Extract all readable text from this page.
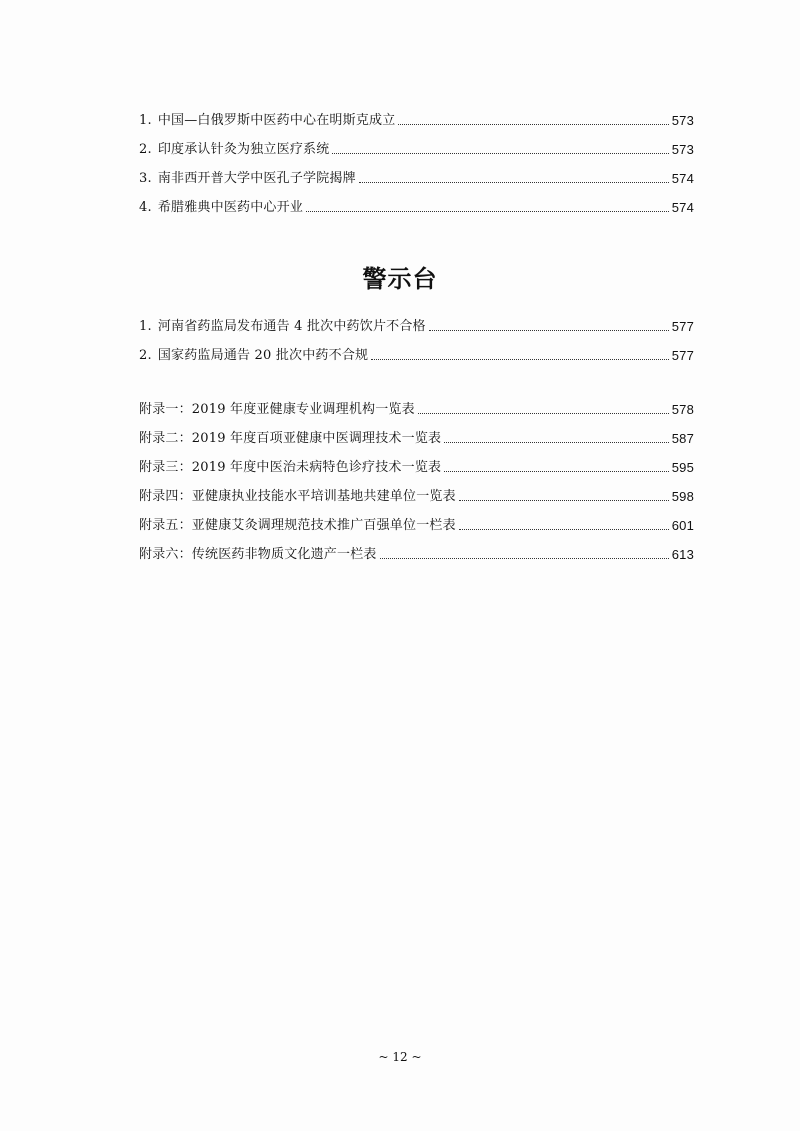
1. 中国—白俄罗斯中医药中心在明斯克成立	573
2. 印度承认针灸为独立医疗系统	573
3. 南非西开普大学中医孔子学院揭牌	574
4. 希腊雅典中医药中心开业	574
警示台
1. 河南省药监局发布通告 4 批次中药饮片不合格	577
2. 国家药监局通告 20 批次中药不合规	577
附录一：2019 年度亚健康专业调理机构一览表	578
附录二：2019 年度百项亚健康中医调理技术一览表	587
附录三：2019 年度中医治未病特色诊疗技术一览表	595
附录四：亚健康执业技能水平培训基地共建单位一览表	598
附录五：亚健康艾灸调理规范技术推广百强单位一栏表	601
附录六：传统医药非物质文化遗产一栏表	613
~ 12 ~
